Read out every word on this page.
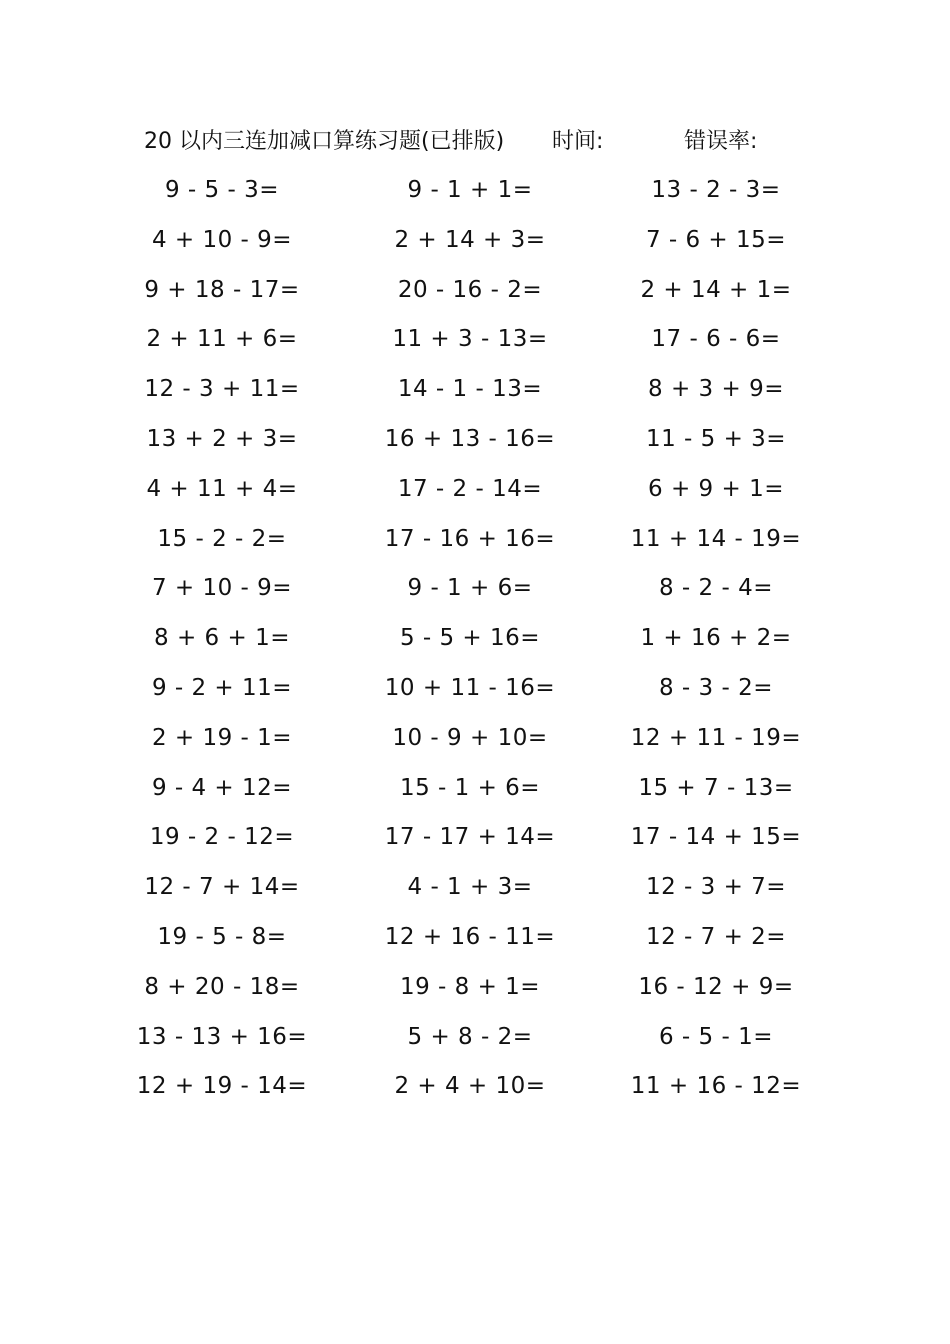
20 以内三连加减口算练习题(已排版) 时间:	错误率:
9 - 5 - 3=	9 - 1 + 1=	13 - 2 - 3=
4 + 10 - 9=	2 + 14 + 3=	7 - 6 + 15=
9 + 18 - 17=	20 - 16 - 2=	2 + 14 + 1=
2 + 11 + 6=	11 + 3 - 13=	17 - 6 - 6=
12 - 3 + 11=	14 - 1 - 13=	8 + 3 + 9=
13 + 2 + 3=	16 + 13 - 16=	11 - 5 + 3=
4 + 11 + 4=	17 - 2 - 14=	6 + 9 + 1=
15 - 2 - 2=	17 - 16 + 16=	11 + 14 - 19=
7 + 10 - 9=	9 - 1 + 6=	8 - 2 - 4=
8 + 6 + 1=	5 - 5 + 16=	1 + 16 + 2=
9 - 2 + 11=	10 + 11 - 16=	8 - 3 - 2=
2 + 19 - 1=	10 - 9 + 10=	12 + 11 - 19=
9 - 4 + 12=	15 - 1 + 6=	15 + 7 - 13=
19 - 2 - 12=	17 - 17 + 14=	17 - 14 + 15=
12 - 7 + 14=	4 - 1 + 3=	12 - 3 + 7=
19 - 5 - 8=	12 + 16 - 11=	12 - 7 + 2=
8 + 20 - 18=	19 - 8 + 1=	16 - 12 + 9=
13 - 13 + 16=	5 + 8 - 2=	6 - 5 - 1=
12 + 19 - 14=	2 + 4 + 10=	11 + 16 - 12=
